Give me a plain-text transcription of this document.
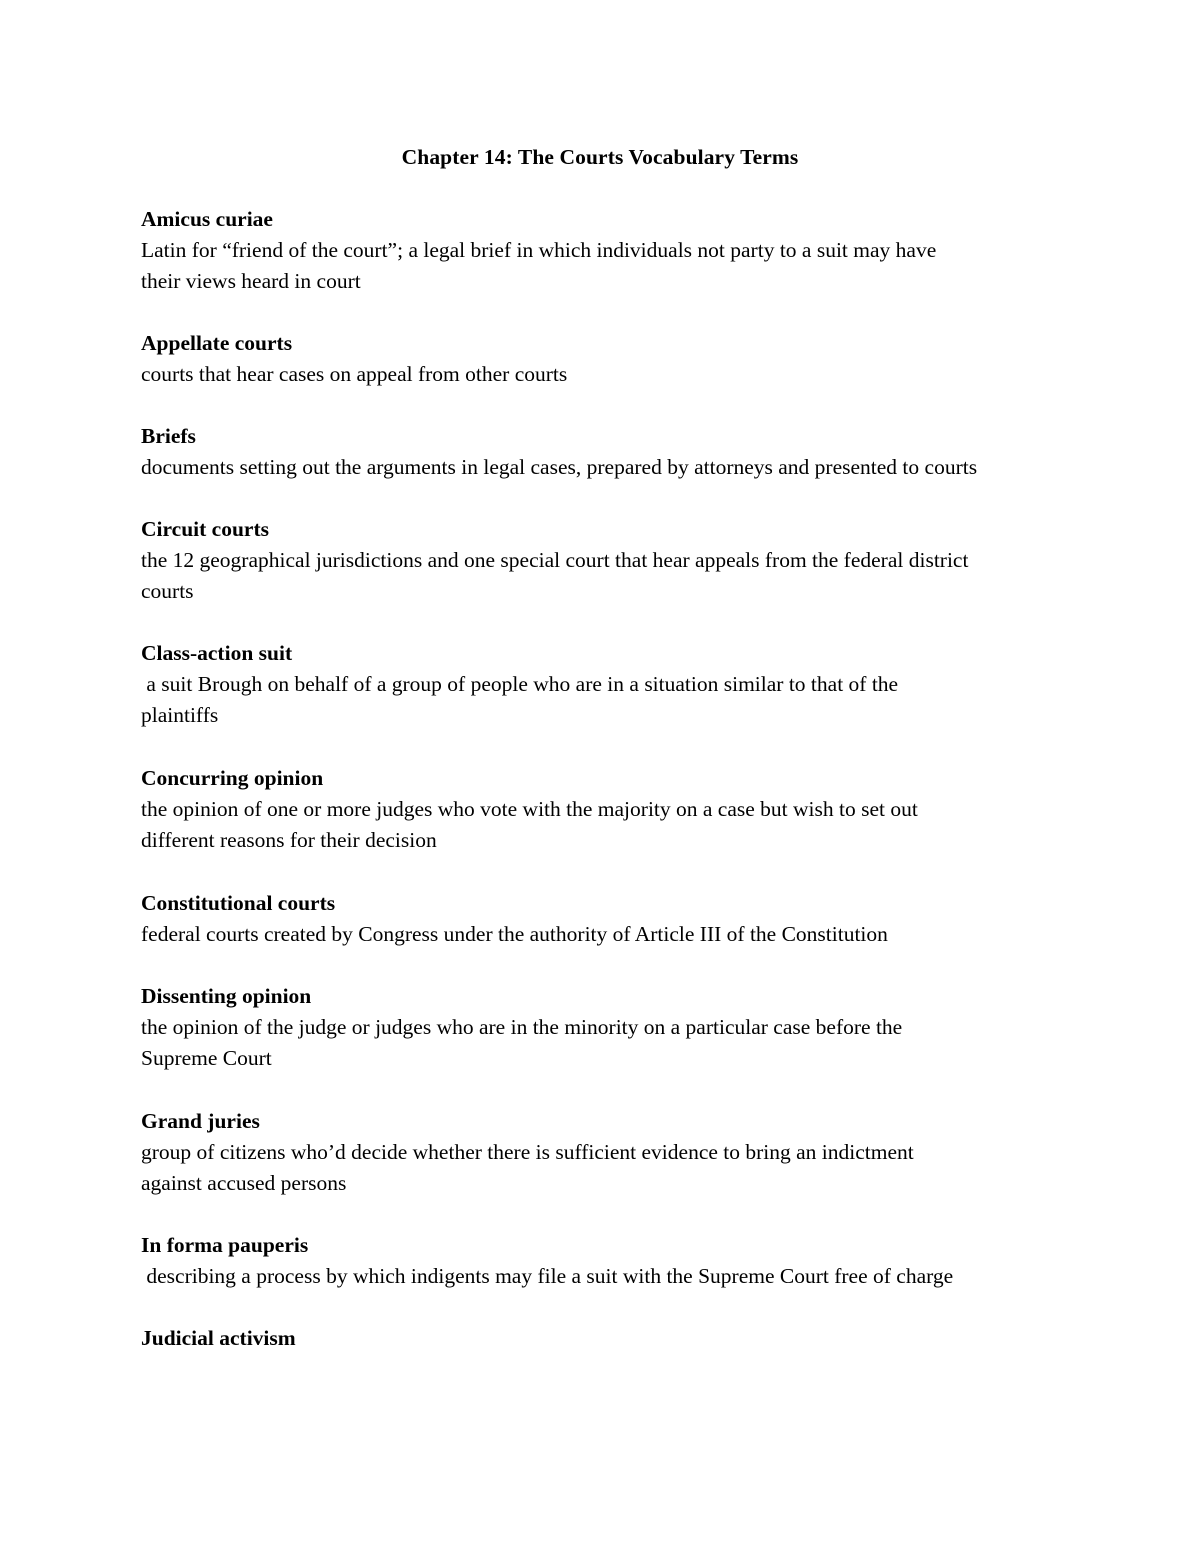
Chapter 14: The Courts Vocabulary Terms
Amicus curiae
Latin for “friend of the court”; a legal brief in which individuals not party to a suit may have
their views heard in court
Appellate courts
courts that hear cases on appeal from other courts
Briefs
documents setting out the arguments in legal cases, prepared by attorneys and presented to courts
Circuit courts
the 12 geographical jurisdictions and one special court that hear appeals from the federal district
courts
Class-action suit
a suit Brough on behalf of a group of people who are in a situation similar to that of the
plaintiffs
Concurring opinion
the opinion of one or more judges who vote with the majority on a case but wish to set out
different reasons for their decision
Constitutional courts
federal courts created by Congress under the authority of Article III of the Constitution
Dissenting opinion
the opinion of the judge or judges who are in the minority on a particular case before the
Supreme Court
Grand juries
group of citizens who’d decide whether there is sufficient evidence to bring an indictment
against accused persons
In forma pauperis
describing a process by which indigents may file a suit with the Supreme Court free of charge
Judicial activism
